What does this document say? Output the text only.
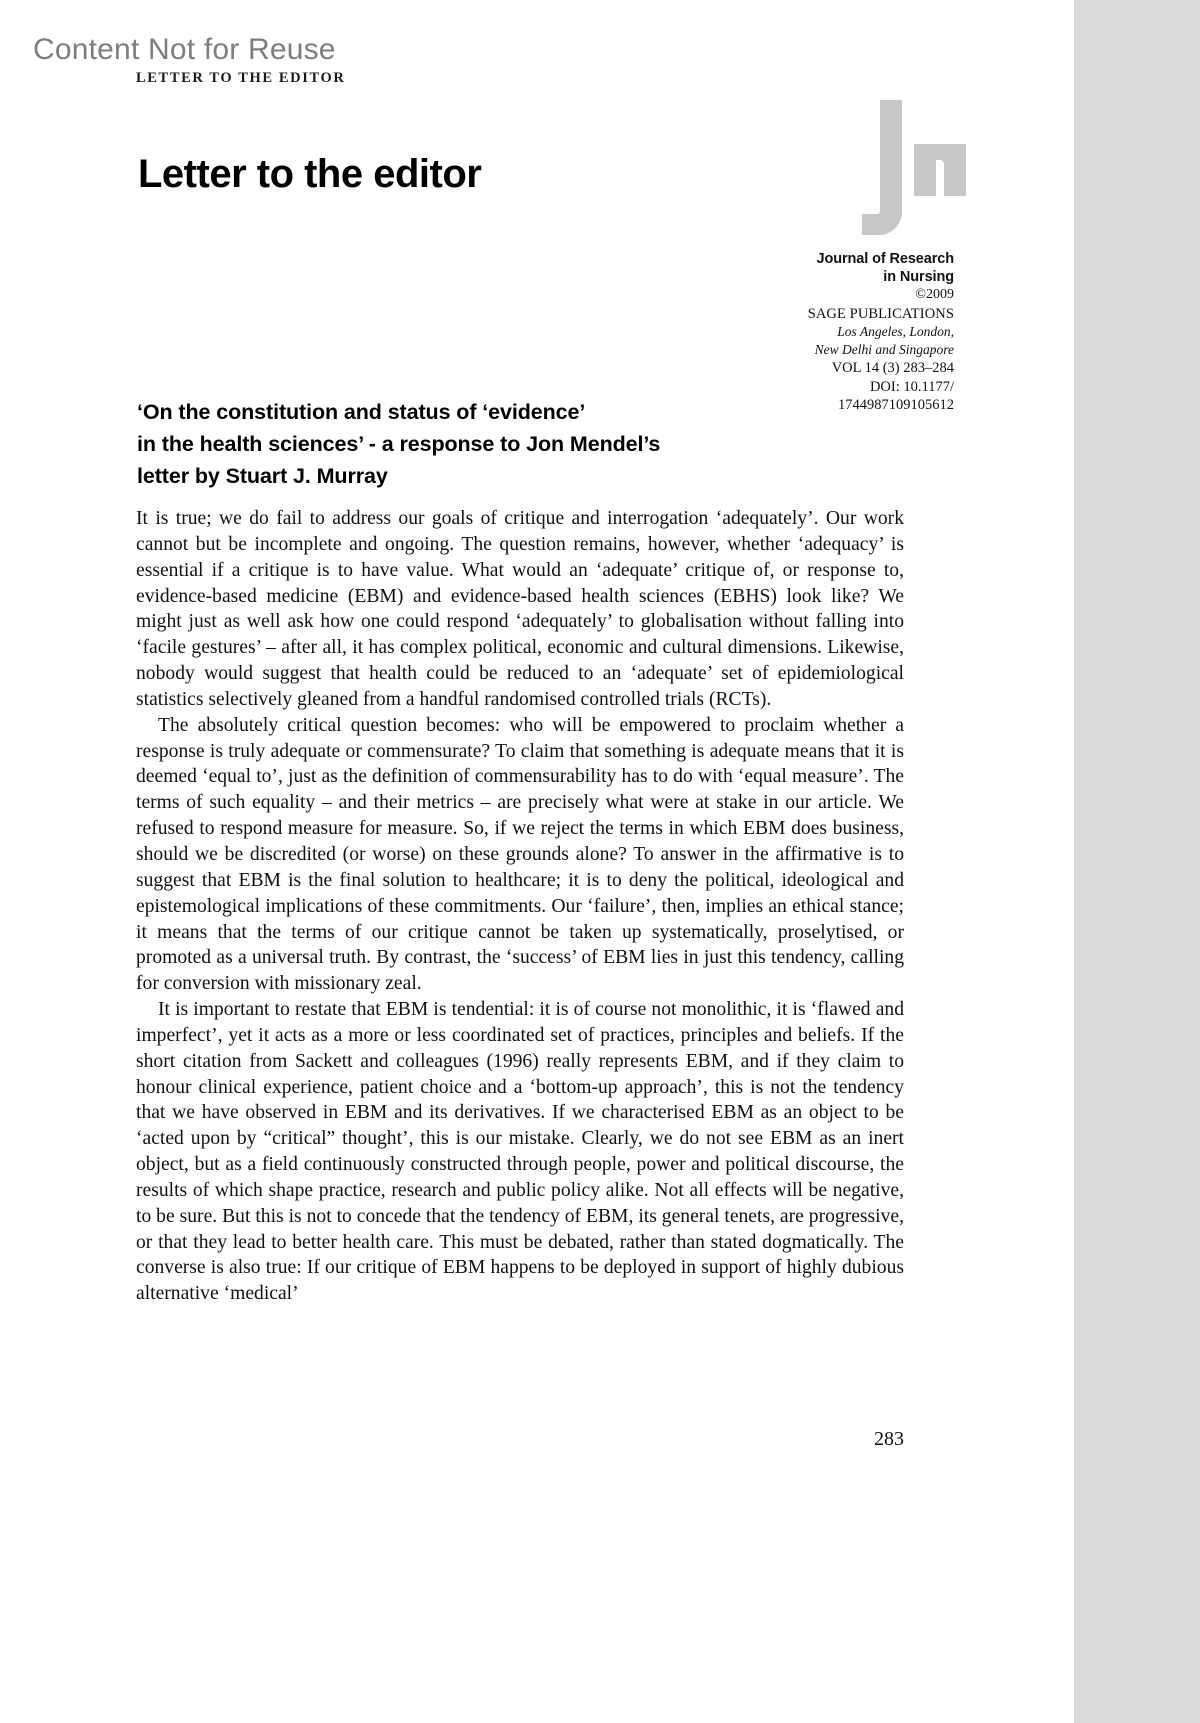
Content Not for Reuse
LETTER TO THE EDITOR
Letter to the editor
Journal of Research
in Nursing
©2009
SAGE PUBLICATIONS
Los Angeles, London,
New Delhi and Singapore
VOL 14 (3) 283–284
DOI: 10.1177/
1744987109105612
‘On the constitution and status of ‘evidence’
in the health sciences’ - a response to Jon Mendel’s
letter by Stuart J. Murray

It is true; we do fail to address our goals of critique and interrogation ‘adequately’. Our work cannot but be incomplete and ongoing. The question remains, however, whether ‘adequacy’ is essential if a critique is to have value. What would an ‘adequate’ critique of, or response to, evidence-based medicine (EBM) and evidence-based health sciences (EBHS) look like? We might just as well ask how one could respond ‘adequately’ to globalisation without falling into ‘facile gestures’ – after all, it has complex political, economic and cultural dimensions. Likewise, nobody would suggest that health could be reduced to an ‘adequate’ set of epidemiological statistics selectively gleaned from a handful randomised controlled trials (RCTs).

The absolutely critical question becomes: who will be empowered to proclaim whether a response is truly adequate or commensurate? To claim that something is adequate means that it is deemed ‘equal to’, just as the definition of commensurability has to do with ‘equal measure’. The terms of such equality – and their metrics – are precisely what were at stake in our article. We refused to respond measure for measure. So, if we reject the terms in which EBM does business, should we be discredited (or worse) on these grounds alone? To answer in the affirmative is to suggest that EBM is the final solution to healthcare; it is to deny the political, ideological and epistemological implications of these commitments. Our ‘failure’, then, implies an ethical stance; it means that the terms of our critique cannot be taken up systematically, proselytised, or promoted as a universal truth. By contrast, the ‘success’ of EBM lies in just this tendency, calling for conversion with missionary zeal.

It is important to restate that EBM is tendential: it is of course not monolithic, it is ‘flawed and imperfect’, yet it acts as a more or less coordinated set of practices, principles and beliefs. If the short citation from Sackett and colleagues (1996) really represents EBM, and if they claim to honour clinical experience, patient choice and a ‘bottom-up approach’, this is not the tendency that we have observed in EBM and its derivatives. If we characterised EBM as an object to be ‘acted upon by “critical” thought’, this is our mistake. Clearly, we do not see EBM as an inert object, but as a field continuously constructed through people, power and political discourse, the results of which shape practice, research and public policy alike. Not all effects will be negative, to be sure. But this is not to concede that the tendency of EBM, its general tenets, are progressive, or that they lead to better health care. This must be debated, rather than stated dogmatically. The converse is also true: If our critique of EBM happens to be deployed in support of highly dubious alternative ‘medical’

283
